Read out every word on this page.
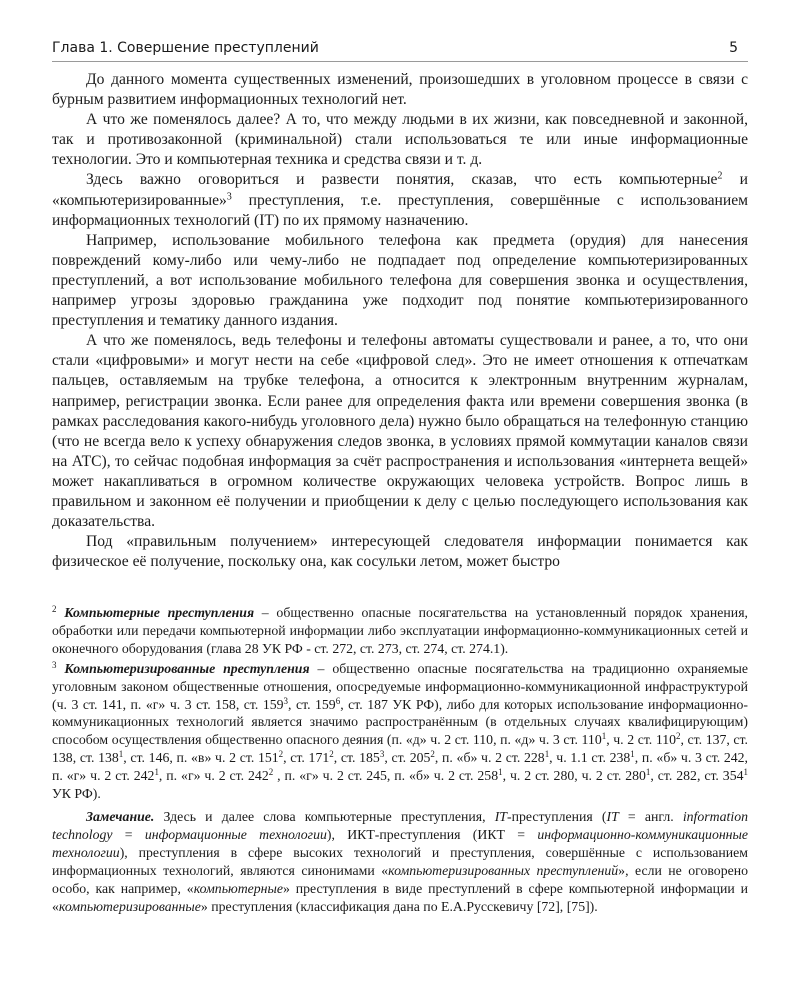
Глава 1. Совершение преступлений	5

До данного момента существенных изменений, произошедших в уголовном процессе в связи с бурным развитием информационных технологий нет.

А что же поменялось далее? А то, что между людьми в их жизни, как повседневной и законной, так и противозаконной (криминальной) стали использоваться те или иные информационные технологии. Это и компьютерная техника и средства связи и т. д.

Здесь важно оговориться и развести понятия, сказав, что есть компьютерные$^2$ и «компьютеризированные»$^3$ преступления, т.е. преступления, совершённые с использованием информационных технологий (IT) по их прямому назначению.

Например, использование мобильного телефона как предмета (орудия) для нанесения повреждений кому-либо или чему-либо не подпадает под определение компьютеризированных преступлений, а вот использование мобильного телефона для совершения звонка и осуществления, например угрозы здоровью гражданина уже подходит под понятие компьютеризированного преступления и тематику данного издания.

А что же поменялось, ведь телефоны и телефоны автоматы существовали и ранее, а то, что они стали «цифровыми» и могут нести на себе «цифровой след». Это не имеет отношения к отпечаткам пальцев, оставляемым на трубке телефона, а относится к электронным внутренним журналам, например, регистрации звонка. Если ранее для определения факта или времени совершения звонка (в рамках расследования какого-нибудь уголовного дела) нужно было обращаться на телефонную станцию (что не всегда вело к успеху обнаружения следов звонка, в условиях прямой коммутации каналов связи на АТС), то сейчас подобная информация за счёт распространения и использования «интернета вещей» может накапливаться в огромном количестве окружающих человека устройств. Вопрос лишь в правильном и законном её получении и приобщении к делу с целью последующего использования как доказательства.

Под «правильным получением» интересующей следователя информации понимается как физическое её получение, поскольку она, как сосульки летом, может быстро

$^2$ Компьютерные преступления – общественно опасные посягательства на установленный порядок хранения, обработки или передачи компьютерной информации либо эксплуатации информационно-коммуникационных сетей и оконечного оборудования (глава 28 УК РФ - ст. 272, ст. 273, ст. 274, ст. 274.1).

$^3$ Компьютеризированные преступления – общественно опасные посягательства на традиционно охраняемые уголовным законом общественные отношения, опосредуемые информационно-коммуникационной инфраструктурой (ч. 3 ст. 141, п. «г» ч. 3 ст. 158, ст. $159^3$, ст. $159^6$, ст. 187 УК РФ), либо для которых использование информационно-коммуникационных технологий является значимо распространённым (в отдельных случаях квалифицирующим) способом осуществления общественно опасного деяния (п. «д» ч. 2 ст. 110, п. «д» ч. 3 ст. $110^1$, ч. 2 ст. $110^2$, ст. 137, ст. 138, ст. $138^1$, ст. 146, п. «в» ч. 2 ст. $151^2$, ст. $171^2$, ст. $185^3$, ст. $205^2$, п. «б» ч. 2 ст. $228^1$, ч. 1.1 ст. $238^1$, п. «б» ч. 3 ст. 242, п. «г» ч. 2 ст. $242^1$, п. «г» ч. 2 ст. $242^2$ , п. «г» ч. 2 ст. 245, п. «б» ч. 2 ст. $258^1$, ч. 2 ст. 280, ч. 2 ст. $280^1$, ст. 282, ст. $354^1$ УК РФ).

Замечание. Здесь и далее слова компьютерные преступления, IT-преступления (IT = англ. information technology = информационные технологии), ИКТ-преступления (ИКТ = информационно-коммуникационные технологии), преступления в сфере высоких технологий и преступления, совершённые с использованием информационных технологий, являются синонимами «компьютеризированных преступлений», если не оговорено особо, как например, «компьютерные» преступления в виде преступлений в сфере компьютерной информации и «компьютеризированные» преступления (классификация дана по Е.А.Русскевичу [72], [75]).
